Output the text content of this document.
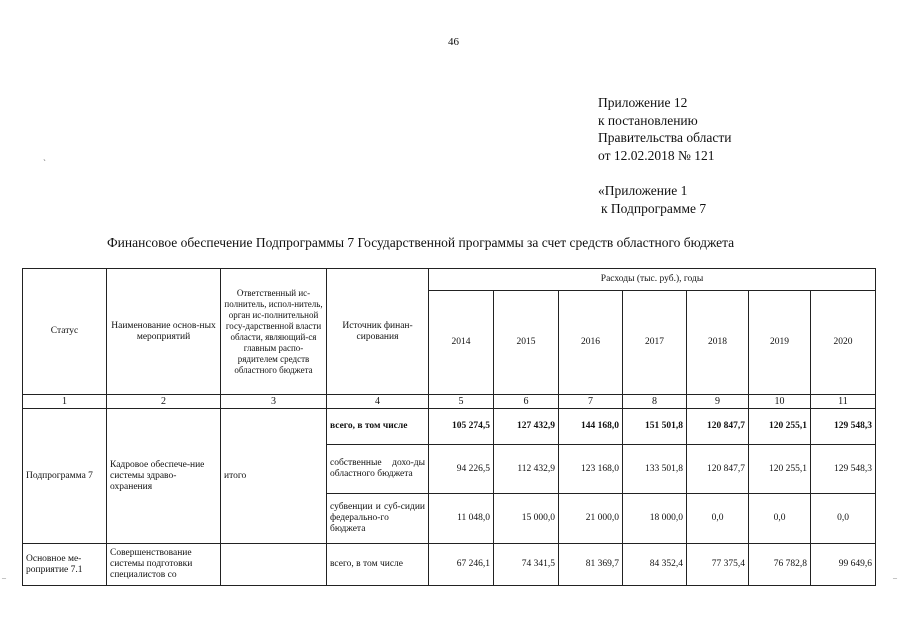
46
Приложение 12
к постановлению
Правительства области
от 12.02.2018 № 121
«Приложение 1
к Подпрограмме 7
`
Финансовое обеспечение Подпрограммы 7 Государственной программы за счет средств областного бюджета
Статус	Наименование основ-ных мероприятий	Ответственный ис-полнитель, испол-нитель, орган ис-полнительной госу-дарственной власти области, являющий-ся главным распо-рядителем средств областного бюджета	Источник финан-сирования	Расходы (тыс. руб.), годы						
				2014	2015	2016	2017	2018	2019	2020
1	2	3	4	5	6	7	8	9	10	11
Подпрограмма 7	Кадровое обеспече-ние системы здраво-охранения	итого	всего, в том числе	105 274,5	127 432,9	144 168,0	151 501,8	120 847,7	120 255,1	129 548,3
			собственные дохо-ды областного бюджета	94 226,5	112 432,9	123 168,0	133 501,8	120 847,7	120 255,1	129 548,3
			субвенции и суб-сидии федерально-го бюджета	11 048,0	15 000,0	21 000,0	18 000,0	0,0	0,0	0,0
Основное ме-роприятие 7.1	Совершенствование системы подготовки специалистов со		всего, в том числе	67 246,1	74 341,5	81 369,7	84 352,4	77 375,4	76 782,8	99 649,6
–	–
